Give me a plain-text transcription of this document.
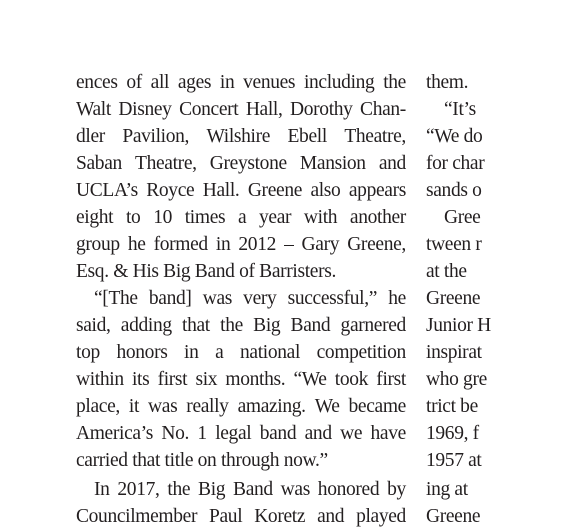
ences of all ages in venues including the
Walt Disney Concert Hall, Dorothy Chan-
dler Pavilion, Wilshire Ebell Theatre,
Saban Theatre, Greystone Mansion and
UCLA’s Royce Hall. Greene also appears
eight to 10 times a year with another
group he formed in 2012 – Gary Greene,
Esq. & His Big Band of Barristers.
“[The band] was very successful,” he
said, adding that the Big Band garnered
top honors in a national competition
within its first six months. “We took first
place, it was really amazing. We became
America’s No. 1 legal band and we have
carried that title on through now.”
In 2017, the Big Band was honored by
Councilmember Paul Koretz and played
them.
“It’s
“We do
for char
sands o
Gree
tween r
at the
Greene
Junior H
inspirat
who gre
trict be
1969, f
1957 at
ing at
Greene
